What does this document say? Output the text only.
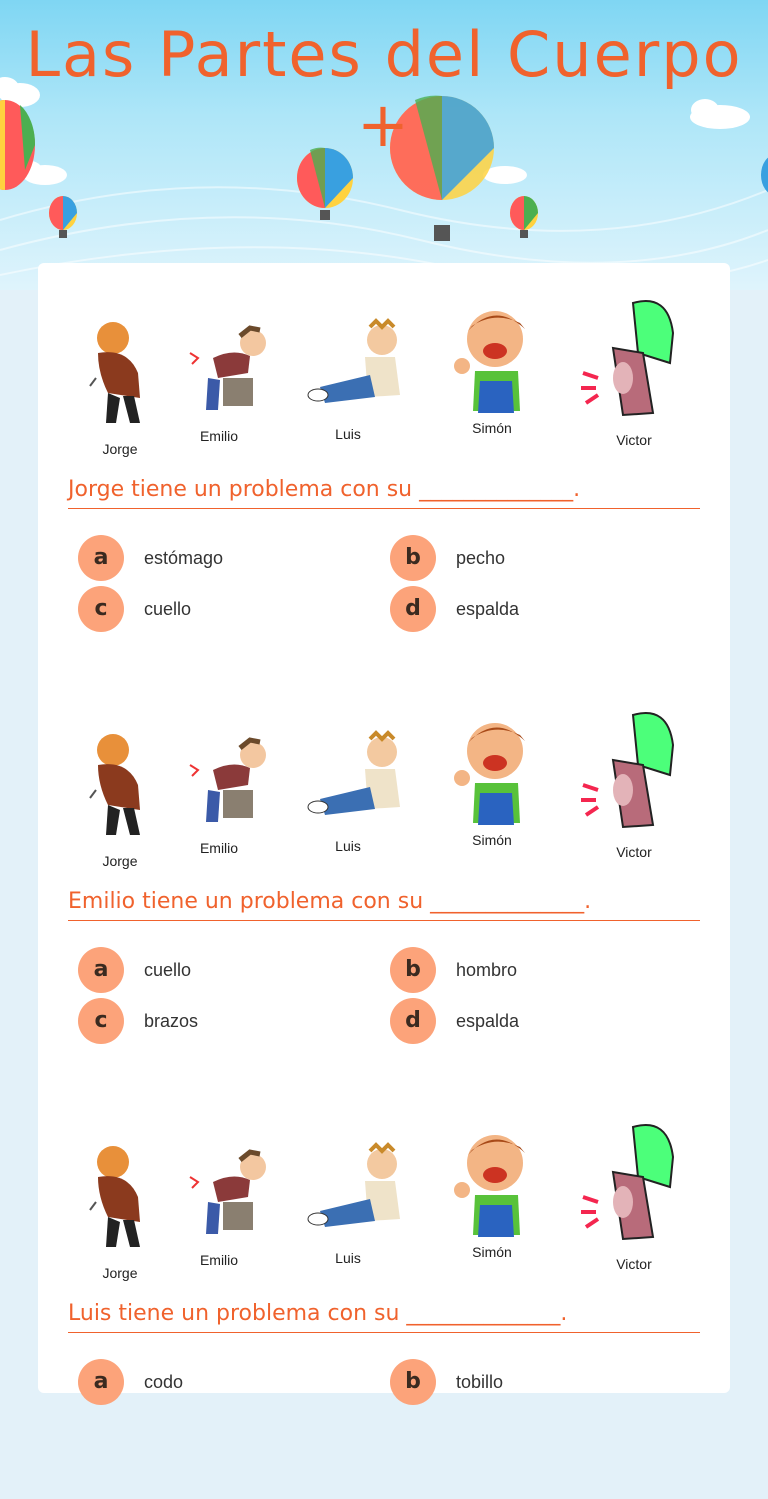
Las Partes del Cuerpo +
Jorge
Emilio	Luis	Simón
Victor
Jorge tiene un problema con su ______________.
a	estómago	b	pecho
c	cuello	d	espalda
Jorge
Emilio	Luis	Simón
Victor
Emilio tiene un problema con su ______________.
a	cuello	b	hombro
c	brazos	d	espalda
Jorge
Emilio	Luis	Simón
Victor
Luis tiene un problema con su ______________.
a	codo	b	tobillo
